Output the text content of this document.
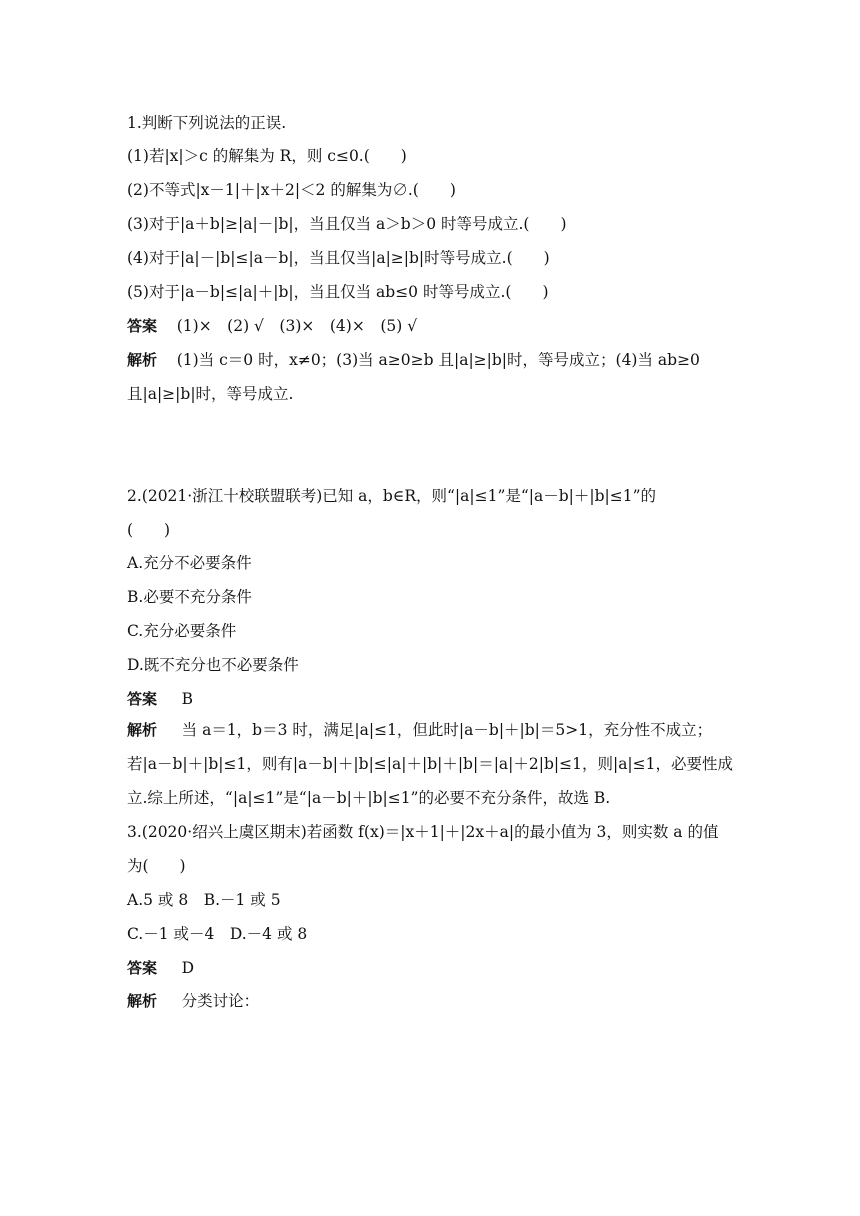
1.判断下列说法的正误.
(1)若|x|＞c 的解集为 R，则 c≤0.(　　)
(2)不等式|x－1|＋|x＋2|＜2 的解集为∅.(　　)
(3)对于|a＋b|≥|a|－|b|，当且仅当 a＞b＞0 时等号成立.(　　)
(4)对于|a|－|b|≤|a－b|，当且仅当|a|≥|b|时等号成立.(　　)
(5)对于|a－b|≤|a|＋|b|，当且仅当 ab≤0 时等号成立.(　　)
答案 (1)×　(2) √　(3)×　(4)×　(5) √
解析 (1)当 c＝0 时，x≠0；(3)当 a≥0≥b 且|a|≥|b|时，等号成立；(4)当 ab≥0
且|a|≥|b|时，等号成立.
2.(2021·浙江十校联盟联考)已知 a，b∈R，则“|a|≤1”是“|a－b|＋|b|≤1”的
(　　)
A.充分不必要条件
B.必要不充分条件
C.充分必要条件
D.既不充分也不必要条件
答案 B
解析 当 a＝1，b＝3 时，满足|a|≤1，但此时|a－b|＋|b|＝5>1，充分性不成立；
若|a－b|＋|b|≤1，则有|a－b|＋|b|≤|a|＋|b|＋|b|＝|a|＋2|b|≤1，则|a|≤1，必要性成
立.综上所述，“|a|≤1”是“|a－b|＋|b|≤1”的必要不充分条件，故选 B.
3.(2020·绍兴上虞区期末)若函数 f(x)＝|x＋1|＋|2x＋a|的最小值为 3，则实数 a 的值
为(　　)
A.5 或 8　B.－1 或 5
C.－1 或－4　D.－4 或 8
答案 D
解析 分类讨论：
